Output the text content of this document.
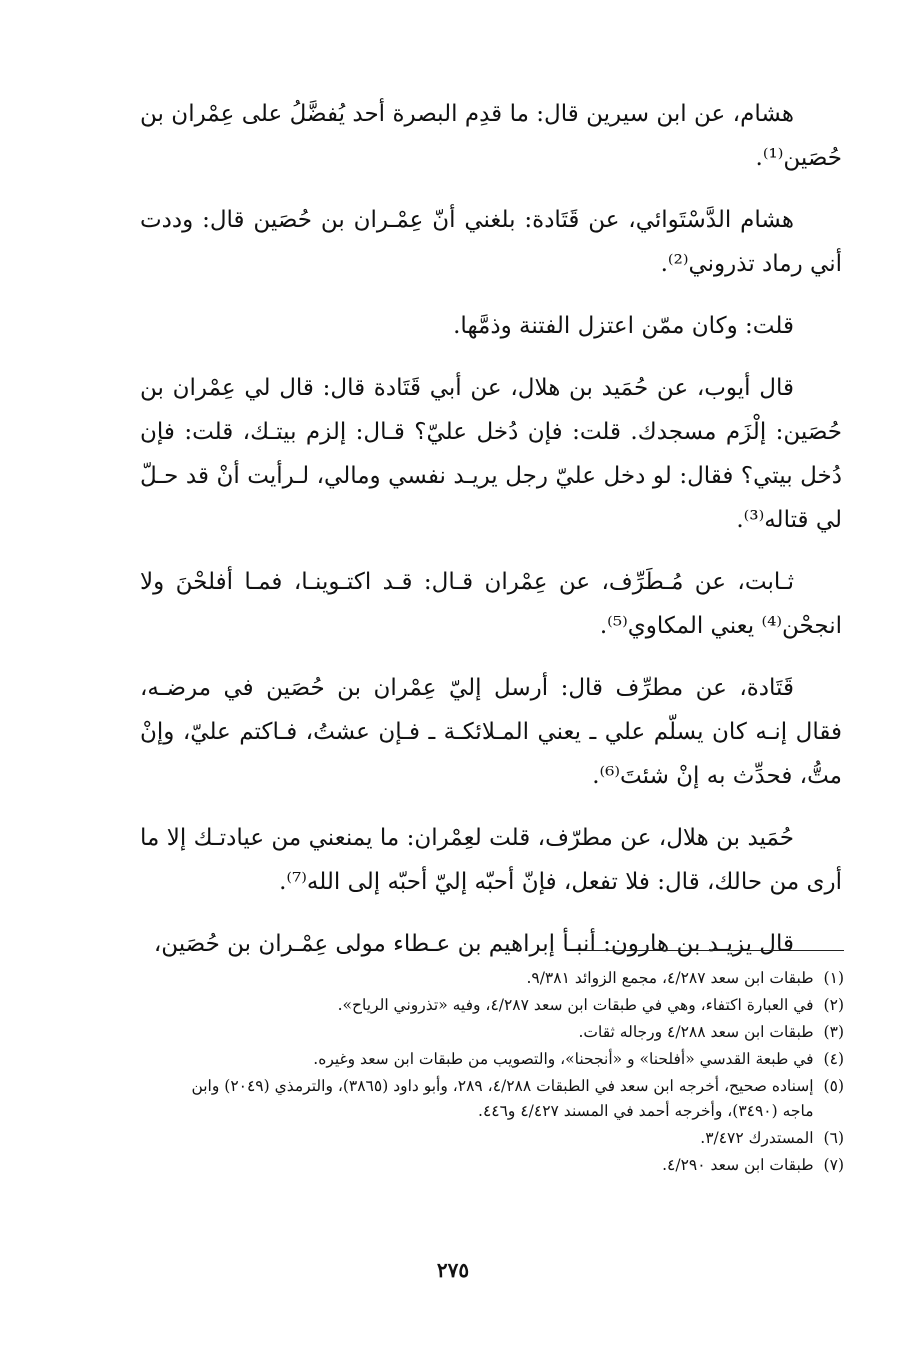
هشام، عن ابن سيرين قال: ما قدِم البصرة أحد يُفضَّلُ على عِمْران بن حُصَين⁽¹⁾.

هشام الدَّسْتَوائي، عن قَتَادة: بلغني أنّ عِمْـران بن حُصَين قال: وددت أني رماد تذروني⁽²⁾.

قلت: وكان ممّن اعتزل الفتنة وذمَّها.

قال أيوب، عن حُمَيد بن هلال، عن أبي قَتَادة قال: قال لي عِمْران بن حُصَين: إلْزَم مسجدك. قلت: فإن دُخل عليّ؟ قـال: إلزم بيتـك، قلت: فإن دُخل بيتي؟ فقال: لو دخل عليّ رجل يريـد نفسي ومالي، لـرأيت أنْ قد حـلّ لي قتاله⁽³⁾.

ثـابت، عن مُـطَرِّف، عن عِمْران قـال: قـد اكتـوينـا، فمـا أفلحْنَ ولا انجحْن⁽⁴⁾ يعني المكاوي⁽⁵⁾.

قَتَادة، عن مطرِّف قال: أرسل إليّ عِمْران بن حُصَين في مرضـه، فقال إنـه كان يسلّم علي ـ يعني المـلائكـة ـ فـإن عشتُ، فـاكتم عليّ، وإنْ متُّ، فحدِّث به إنْ شئتَ⁽⁶⁾.

حُمَيد بن هلال، عن مطرّف، قلت لعِمْران: ما يمنعني من عيادتـك إلا ما أرى من حالك، قال: فلا تفعل، فإنّ أحبّه إليّ أحبّه إلى الله⁽⁷⁾.

قال يزيـد بن هارون: أنبـأ إبراهيم بن عـطاء مولى عِمْـران بن حُصَين،

(١)
طبقات ابن سعد ٤/٢٨٧، مجمع الزوائد ٩/٣٨١.
(٢)
في العبارة اكتفاء، وهي في طبقات ابن سعد ٤/٢٨٧، وفيه «تذروني الرياح».
(٣)
طبقات ابن سعد ٤/٢٨٨ ورجاله ثقات.
(٤)
في طبعة القدسي «أفلحنا» و «أنجحنا»، والتصويب من طبقات ابن سعد وغيره.
(٥)
إسناده صحيح، أخرجه ابن سعد في الطبقات ٤/٢٨٨، ٢٨٩، وأبو داود (٣٨٦٥)، والترمذي (٢٠٤٩) وابن ماجه (٣٤٩٠)، وأخرجه أحمد في المسند ٤/٤٢٧ و٤٤٦.
(٦)
المستدرك ٣/٤٧٢.
(٧)
طبقات ابن سعد ٤/٢٩٠.
٢٧٥
